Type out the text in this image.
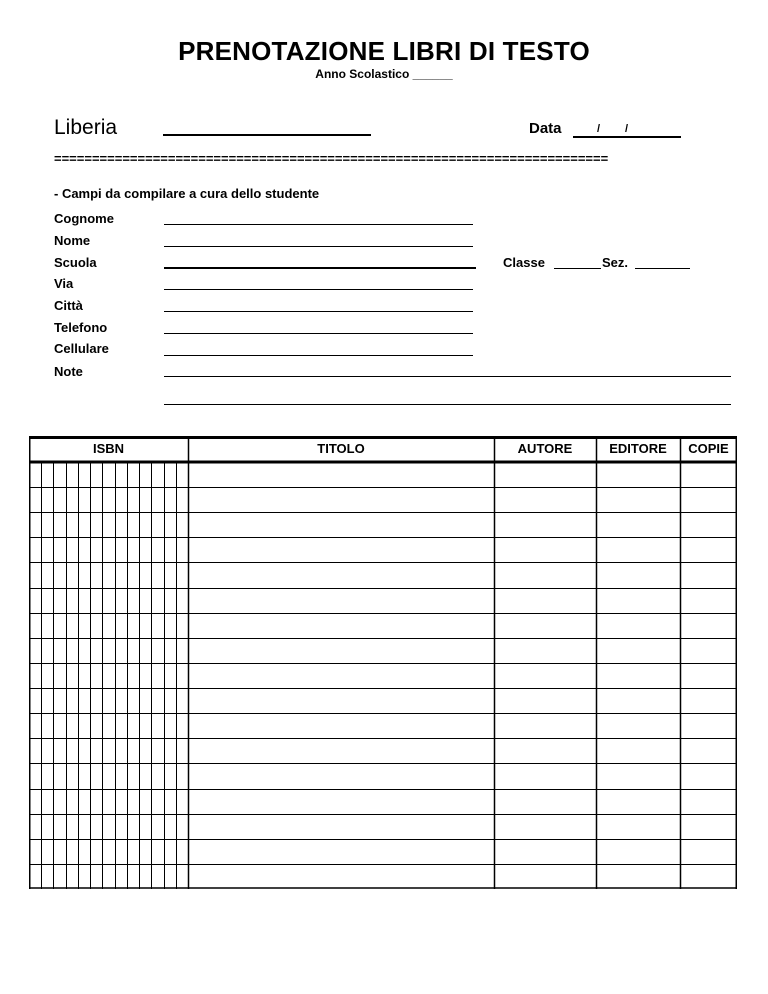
PRENOTAZIONE LIBRI DI TESTO
Anno Scolastico ______
Liberia	Data	/ /
=========================================================================
- Campi da compilare a cura dello studente
Cognome
Nome
Scuola	Classe	Sez.
Via
Città
Telefono
Cellulare
Note
ISBN	TITOLO	AUTORE	EDITORE	COPIE
